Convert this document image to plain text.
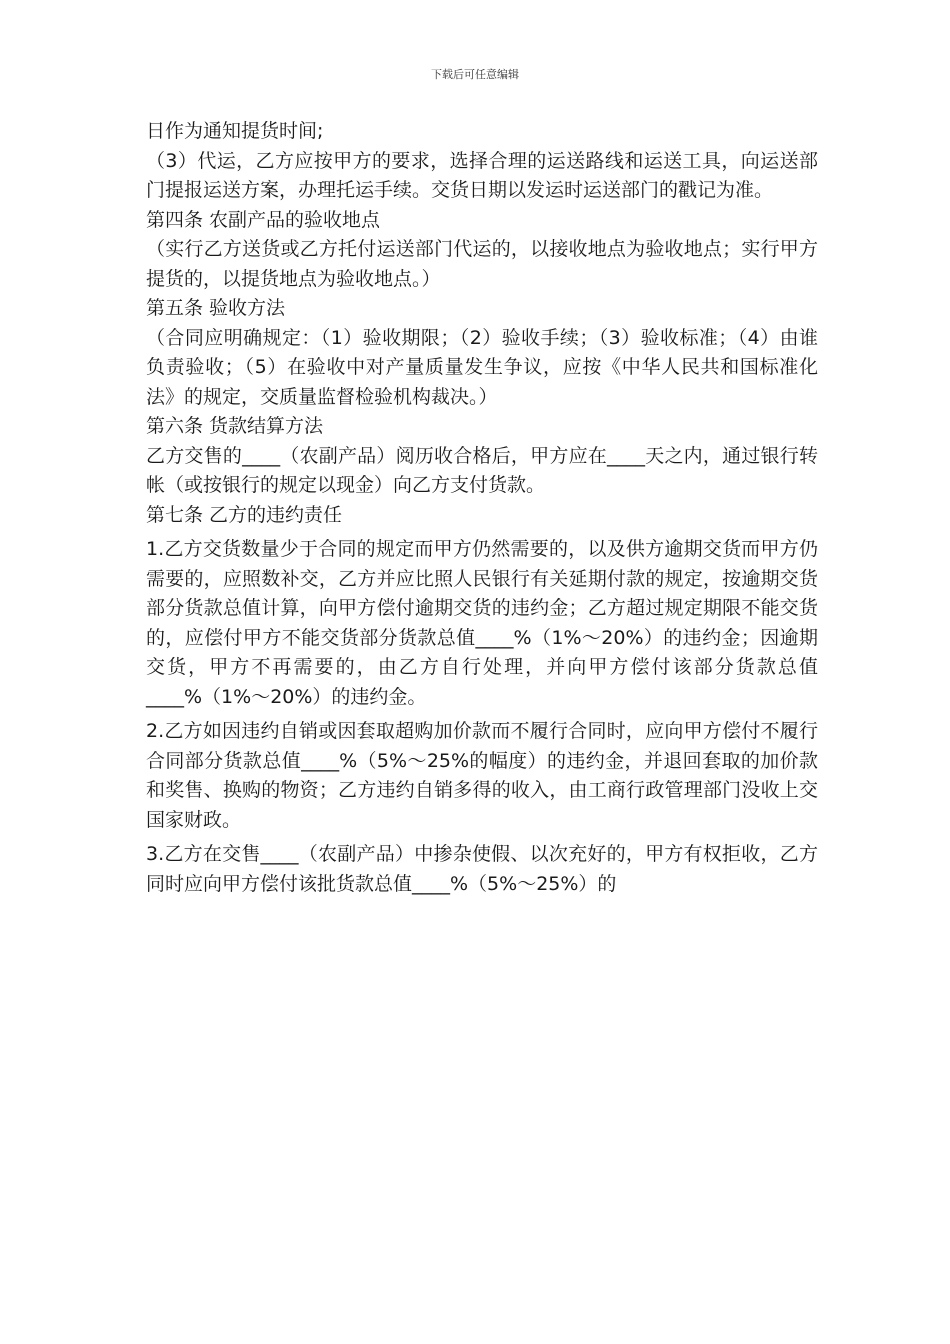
下载后可任意编辑

日作为通知提货时间;

（3）代运，乙方应按甲方的要求，选择合理的运送路线和运送工具，向运送部门提报运送方案，办理托运手续。交货日期以发运时运送部门的戳记为准。

第四条 农副产品的验收地点

（实行乙方送货或乙方托付运送部门代运的，以接收地点为验收地点；实行甲方提货的，以提货地点为验收地点。）

第五条 验收方法

（合同应明确规定：（1）验收期限；（2）验收手续；（3）验收标准；（4）由谁负责验收；（5）在验收中对产量质量发生争议，应按《中华人民共和国标准化法》的规定，交质量监督检验机构裁决。）

第六条 货款结算方法

乙方交售的____（农副产品）阅历收合格后，甲方应在____天之内，通过银行转帐（或按银行的规定以现金）向乙方支付货款。

第七条 乙方的违约责任

1.乙方交货数量少于合同的规定而甲方仍然需要的，以及供方逾期交货而甲方仍需要的，应照数补交，乙方并应比照人民银行有关延期付款的规定，按逾期交货部分货款总值计算，向甲方偿付逾期交货的违约金；乙方超过规定期限不能交货的，应偿付甲方不能交货部分货款总值____%（1%～20%）的违约金；因逾期交货，甲方不再需要的，由乙方自行处理，并向甲方偿付该部分货款总值 ____%（1%～20%）的违约金。

2.乙方如因违约自销或因套取超购加价款而不履行合同时，应向甲方偿付不履行合同部分货款总值____%（5%～25%的幅度）的违约金，并退回套取的加价款和奖售、换购的物资；乙方违约自销多得的收入，由工商行政管理部门没收上交国家财政。

3.乙方在交售____（农副产品）中掺杂使假、以次充好的，甲方有权拒收，乙方同时应向甲方偿付该批货款总值____%（5%～25%）的
